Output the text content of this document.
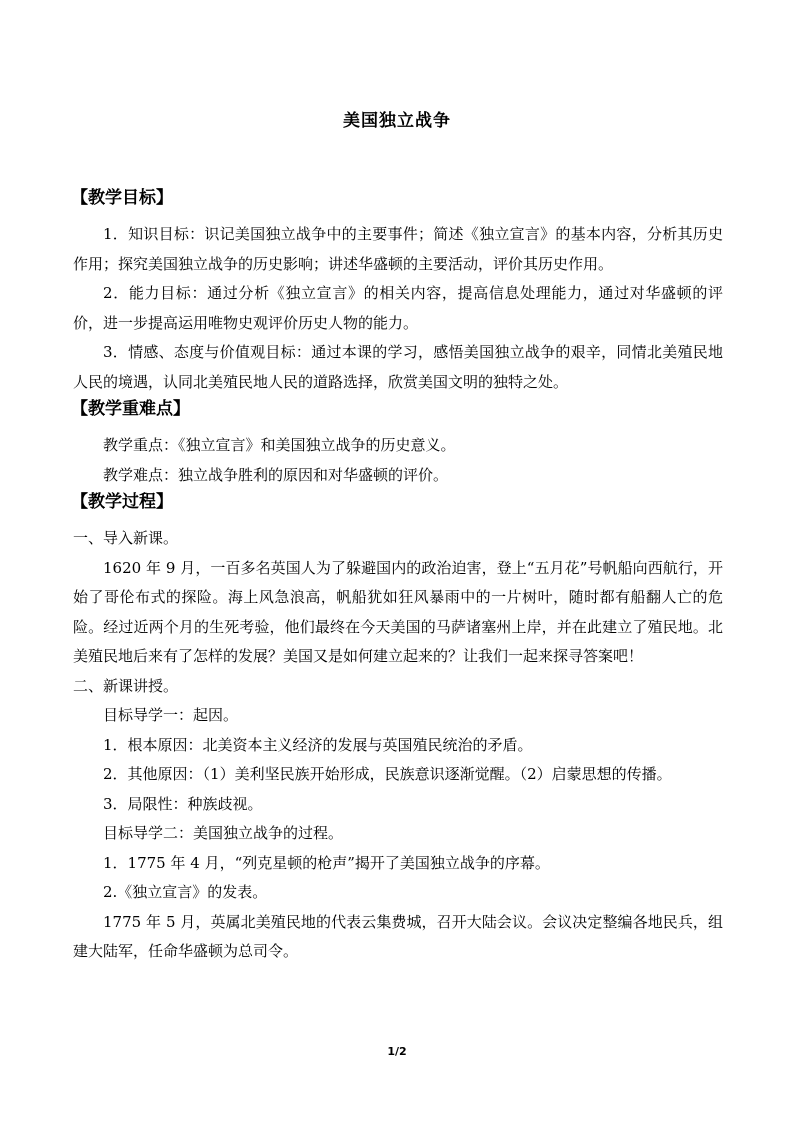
美国独立战争
【教学目标】

1．知识目标：识记美国独立战争中的主要事件；简述《独立宣言》的基本内容，分析其历史作用；探究美国独立战争的历史影响；讲述华盛顿的主要活动，评价其历史作用。

2．能力目标：通过分析《独立宣言》的相关内容，提高信息处理能力，通过对华盛顿的评价，进一步提高运用唯物史观评价历史人物的能力。

3．情感、态度与价值观目标：通过本课的学习，感悟美国独立战争的艰辛，同情北美殖民地人民的境遇，认同北美殖民地人民的道路选择，欣赏美国文明的独特之处。

【教学重难点】

教学重点：《独立宣言》和美国独立战争的历史意义。

教学难点：独立战争胜利的原因和对华盛顿的评价。

【教学过程】

一、导入新课。

1620 年 9 月，一百多名英国人为了躲避国内的政治迫害，登上“五月花”号帆船向西航行，开始了哥伦布式的探险。海上风急浪高，帆船犹如狂风暴雨中的一片树叶，随时都有船翻人亡的危险。经过近两个月的生死考验，他们最终在今天美国的马萨诸塞州上岸，并在此建立了殖民地。北美殖民地后来有了怎样的发展？美国又是如何建立起来的？让我们一起来探寻答案吧！

二、新课讲授。

目标导学一：起因。

1．根本原因：北美资本主义经济的发展与英国殖民统治的矛盾。

2．其他原因：（1）美利坚民族开始形成，民族意识逐渐觉醒。（2）启蒙思想的传播。

3．局限性：种族歧视。

目标导学二：美国独立战争的过程。

1．1775 年 4 月，“列克星顿的枪声”揭开了美国独立战争的序幕。

2.《独立宣言》的发表。

1775 年 5 月，英属北美殖民地的代表云集费城，召开大陆会议。会议决定整编各地民兵，组建大陆军，任命华盛顿为总司令。

1/2
